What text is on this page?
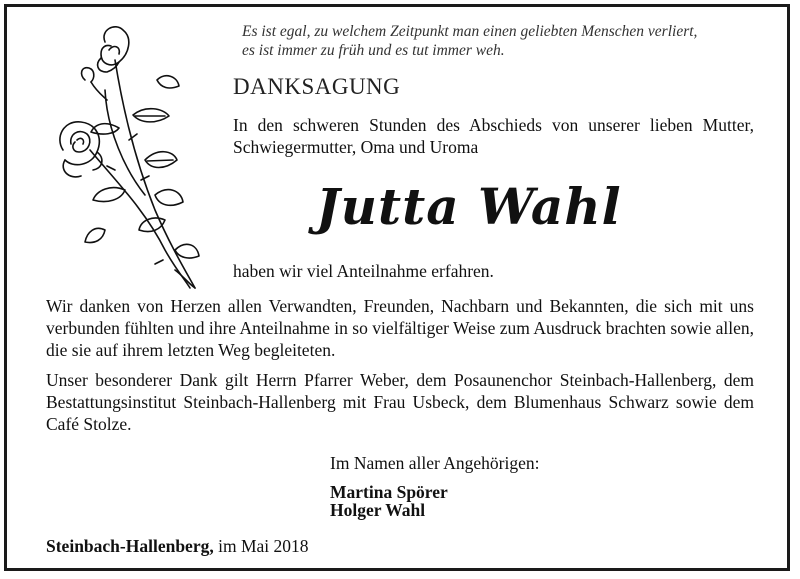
Es ist egal, zu welchem Zeitpunkt man einen geliebten Menschen verliert,
es ist immer zu früh und es tut immer weh.
DANKSAGUNG
In den schweren Stunden des Abschieds von unserer lieben Mutter, Schwiegermutter, Oma und Uroma
Jutta Wahl
haben wir viel Anteilnahme erfahren.
Wir danken von Herzen allen Verwandten, Freunden, Nachbarn und Bekannten, die sich mit uns verbunden fühlten und ihre Anteilnahme in so vielfältiger Weise zum Ausdruck brachten sowie allen, die sie auf ihrem letzten Weg begleiteten.
Unser besonderer Dank gilt Herrn Pfarrer Weber, dem Posaunenchor Steinbach-Hallenberg, dem Bestattungsinstitut Steinbach-Hallenberg mit Frau Usbeck, dem Blumenhaus Schwarz sowie dem Café Stolze.
Im Namen aller Angehörigen:
Martina Spörer
Holger Wahl
Steinbach-Hallenberg, im Mai 2018
